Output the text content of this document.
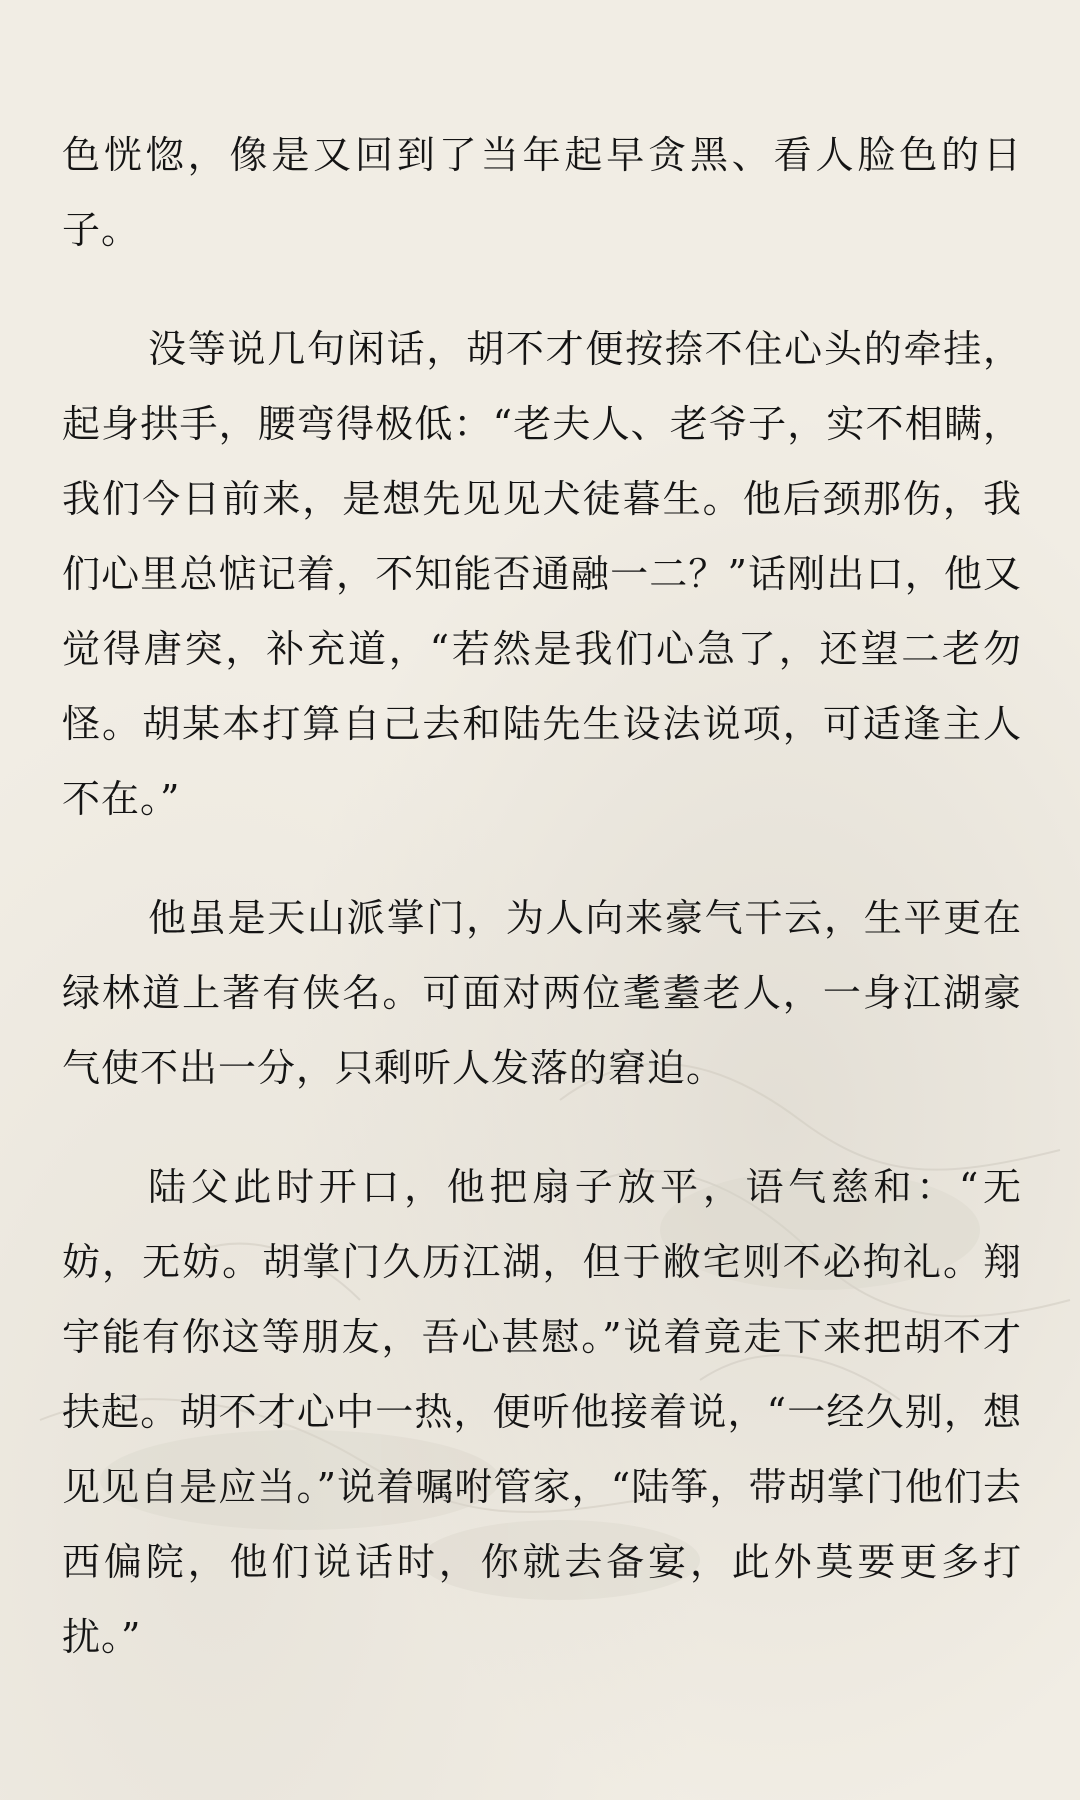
色恍惚，像是又回到了当年起早贪黑、看人脸色的日子。

没等说几句闲话，胡不才便按捺不住心头的牵挂，起身拱手，腰弯得极低：“老夫人、老爷子，实不相瞒，我们今日前来，是想先见见犬徒暮生。他后颈那伤，我们心里总惦记着，不知能否通融一二？”话刚出口，他又觉得唐突，补充道，“若然是我们心急了，还望二老勿怪。胡某本打算自己去和陆先生设法说项，可适逢主人不在。”

他虽是天山派掌门，为人向来豪气干云，生平更在绿林道上著有侠名。可面对两位耄耋老人，一身江湖豪气使不出一分，只剩听人发落的窘迫。

陆父此时开口，他把扇子放平，语气慈和：“无妨，无妨。胡掌门久历江湖，但于敝宅则不必拘礼。翔宇能有你这等朋友，吾心甚慰。”说着竟走下来把胡不才扶起。胡不才心中一热，便听他接着说，“一经久别，想见见自是应当。”说着嘱咐管家，“陆筝，带胡掌门他们去西偏院，他们说话时，你就去备宴，此外莫要更多打扰。”
